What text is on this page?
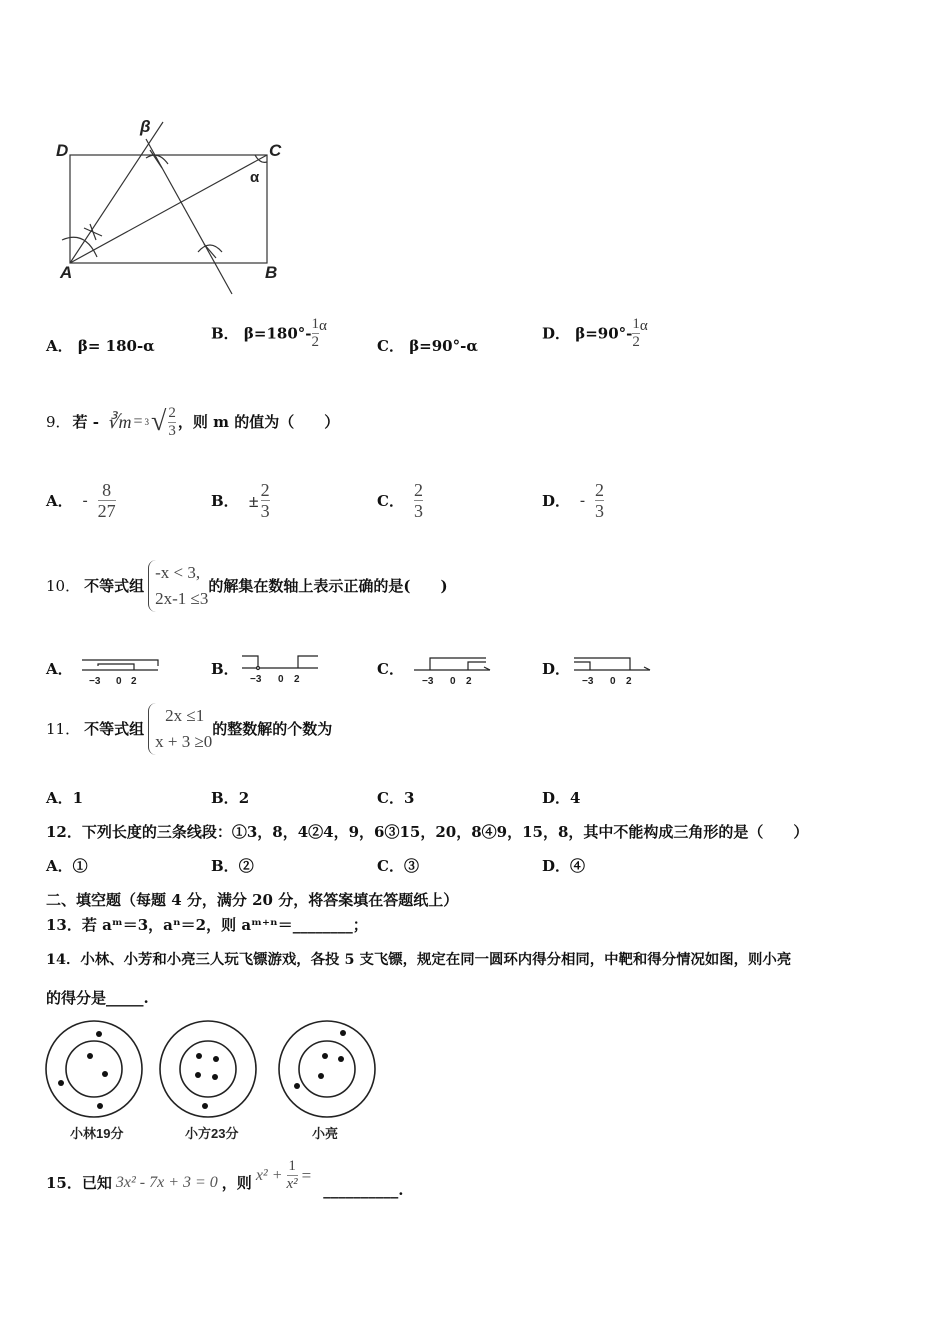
D	C
A	B
β
α
A． β= 180-α
B． $\beta=180^\circ- \frac{1}{2}$ α
C． β=90°-α
D． $\beta=90^\circ- \frac{1}{2}$ α
9． 若 - ∛m = 3 √ $\frac{2}{3}$ ，则 m 的值为（　　）
A． - $\frac{8}{27}$	B． ± $\frac{2}{3}$	C． $\frac{2}{3}$	D． - $\frac{2}{3}$
10． 不等式组
-x < 3,
2x-1 ≤3
的解集在数轴上表示正确的是(　　)
A．
−3 0 2
B．
−3 0 2
C．
−3 0 2
D．
−3 0 2
11． 不等式组
2x ≤1
x + 3 ≥0
的整数解的个数为
A．1	B．2	C．3	D．4
12．下列长度的三条线段：①3，8，4②4，9，6③15，20，8④9，15，8，其中不能构成三角形的是（　　）
A．①	B．②	C．③	D．④
二、填空题（每题 4 分，满分 20 分，将答案填在答题纸上）
13．若 aᵐ＝3，aⁿ＝2，则 aᵐ⁺ⁿ＝________；
14．小林、小芳和小亮三人玩飞镖游戏，各投 5 支飞镖，规定在同一圆环内得分相同，中靶和得分情况如图，则小亮
的得分是_____.
小林19分	小方23分	小亮
15．已知 3x² - 7x + 3 = 0 ，则 $x^2 + \frac{1}{\text{x²}}$ =
__________.
